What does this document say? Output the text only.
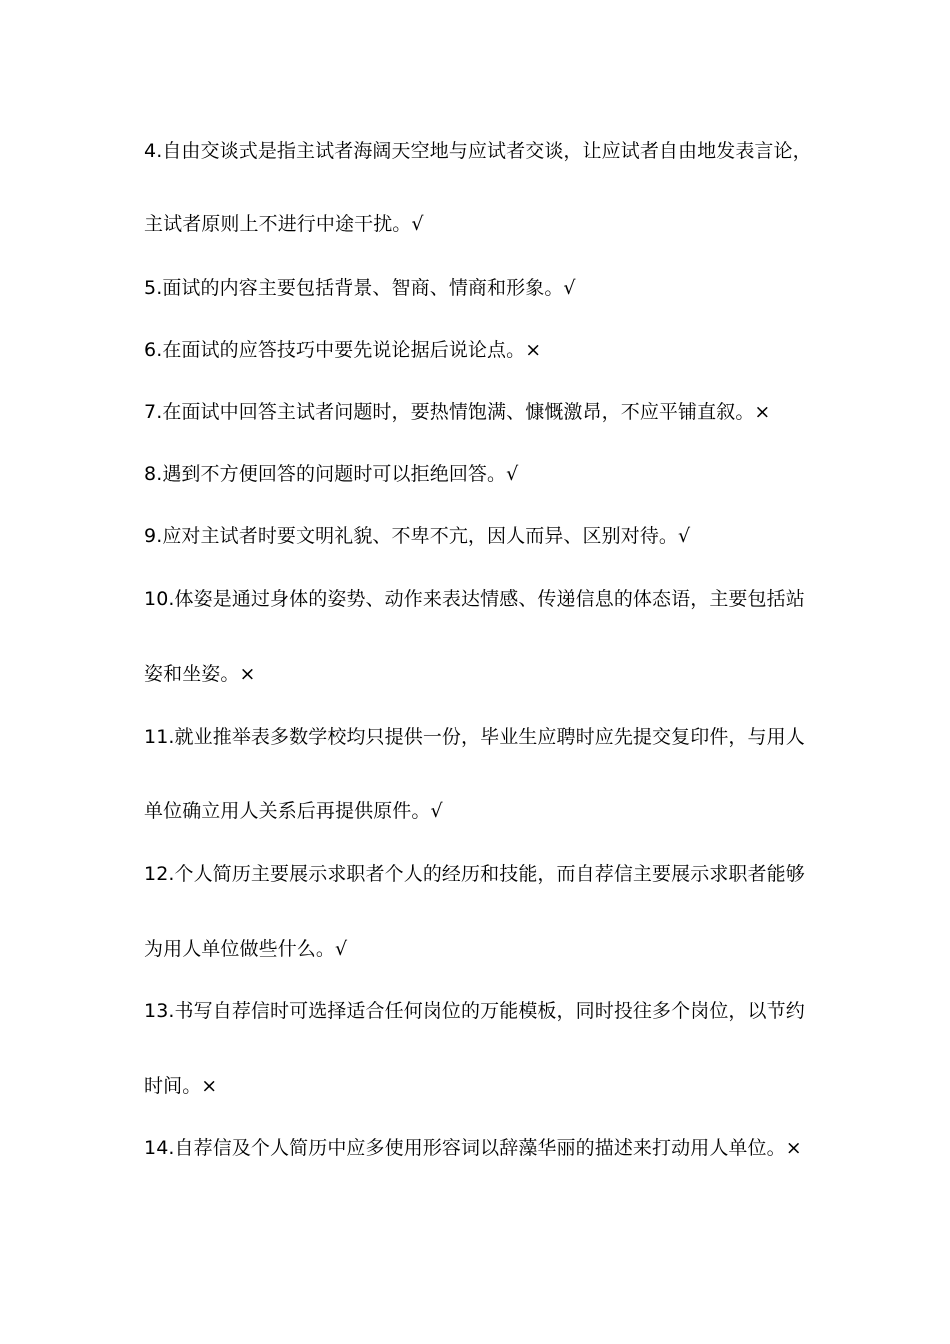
4.自由交谈式是指主试者海阔天空地与应试者交谈，让应试者自由地发表言论，
主试者原则上不进行中途干扰。√
5.面试的内容主要包括背景、智商、情商和形象。√
6.在面试的应答技巧中要先说论据后说论点。×
7.在面试中回答主试者问题时，要热情饱满、慷慨激昂，不应平铺直叙。×
8.遇到不方便回答的问题时可以拒绝回答。√
9.应对主试者时要文明礼貌、不卑不亢，因人而异、区别对待。√
10.体姿是通过身体的姿势、动作来表达情感、传递信息的体态语，主要包括站
姿和坐姿。×
11.就业推举表多数学校均只提供一份，毕业生应聘时应先提交复印件，与用人
单位确立用人关系后再提供原件。√
12.个人简历主要展示求职者个人的经历和技能，而自荐信主要展示求职者能够
为用人单位做些什么。√
13.书写自荐信时可选择适合任何岗位的万能模板，同时投往多个岗位，以节约
时间。×
14.自荐信及个人简历中应多使用形容词以辞藻华丽的描述来打动用人单位。×
